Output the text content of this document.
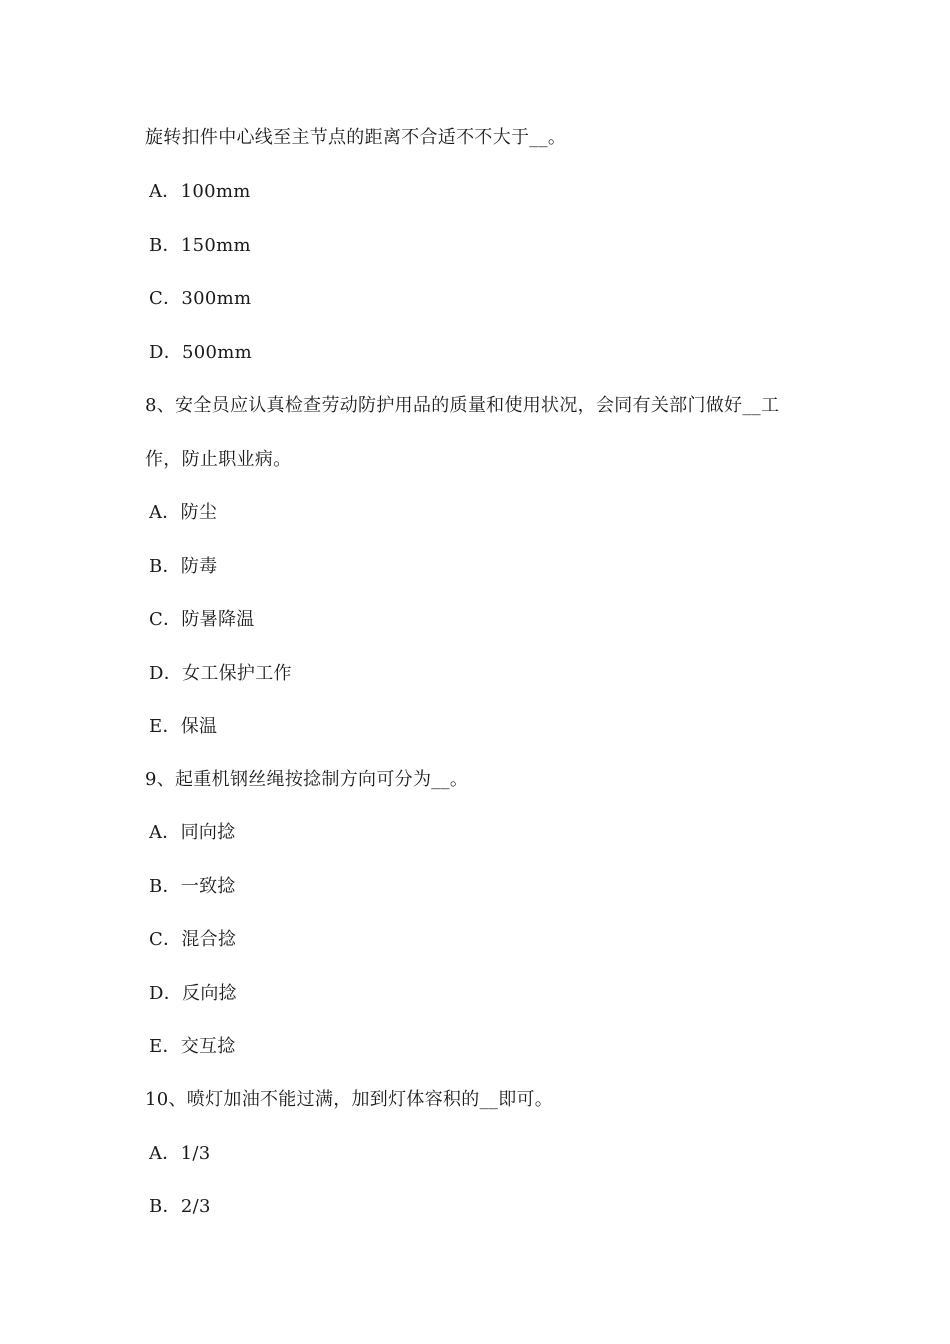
旋转扣件中心线至主节点的距离不合适不不大于__。
A．100mm
B．150mm
C．300mm
D．500mm
8、安全员应认真检查劳动防护用品的质量和使用状况，会同有关部门做好__工
作，防止职业病。
A．防尘
B．防毒
C．防暑降温
D．女工保护工作
E．保温
9、起重机钢丝绳按捻制方向可分为__。
A．同向捻
B．一致捻
C．混合捻
D．反向捻
E．交互捻
10、喷灯加油不能过满，加到灯体容积的__即可。
A．1/3
B．2/3
